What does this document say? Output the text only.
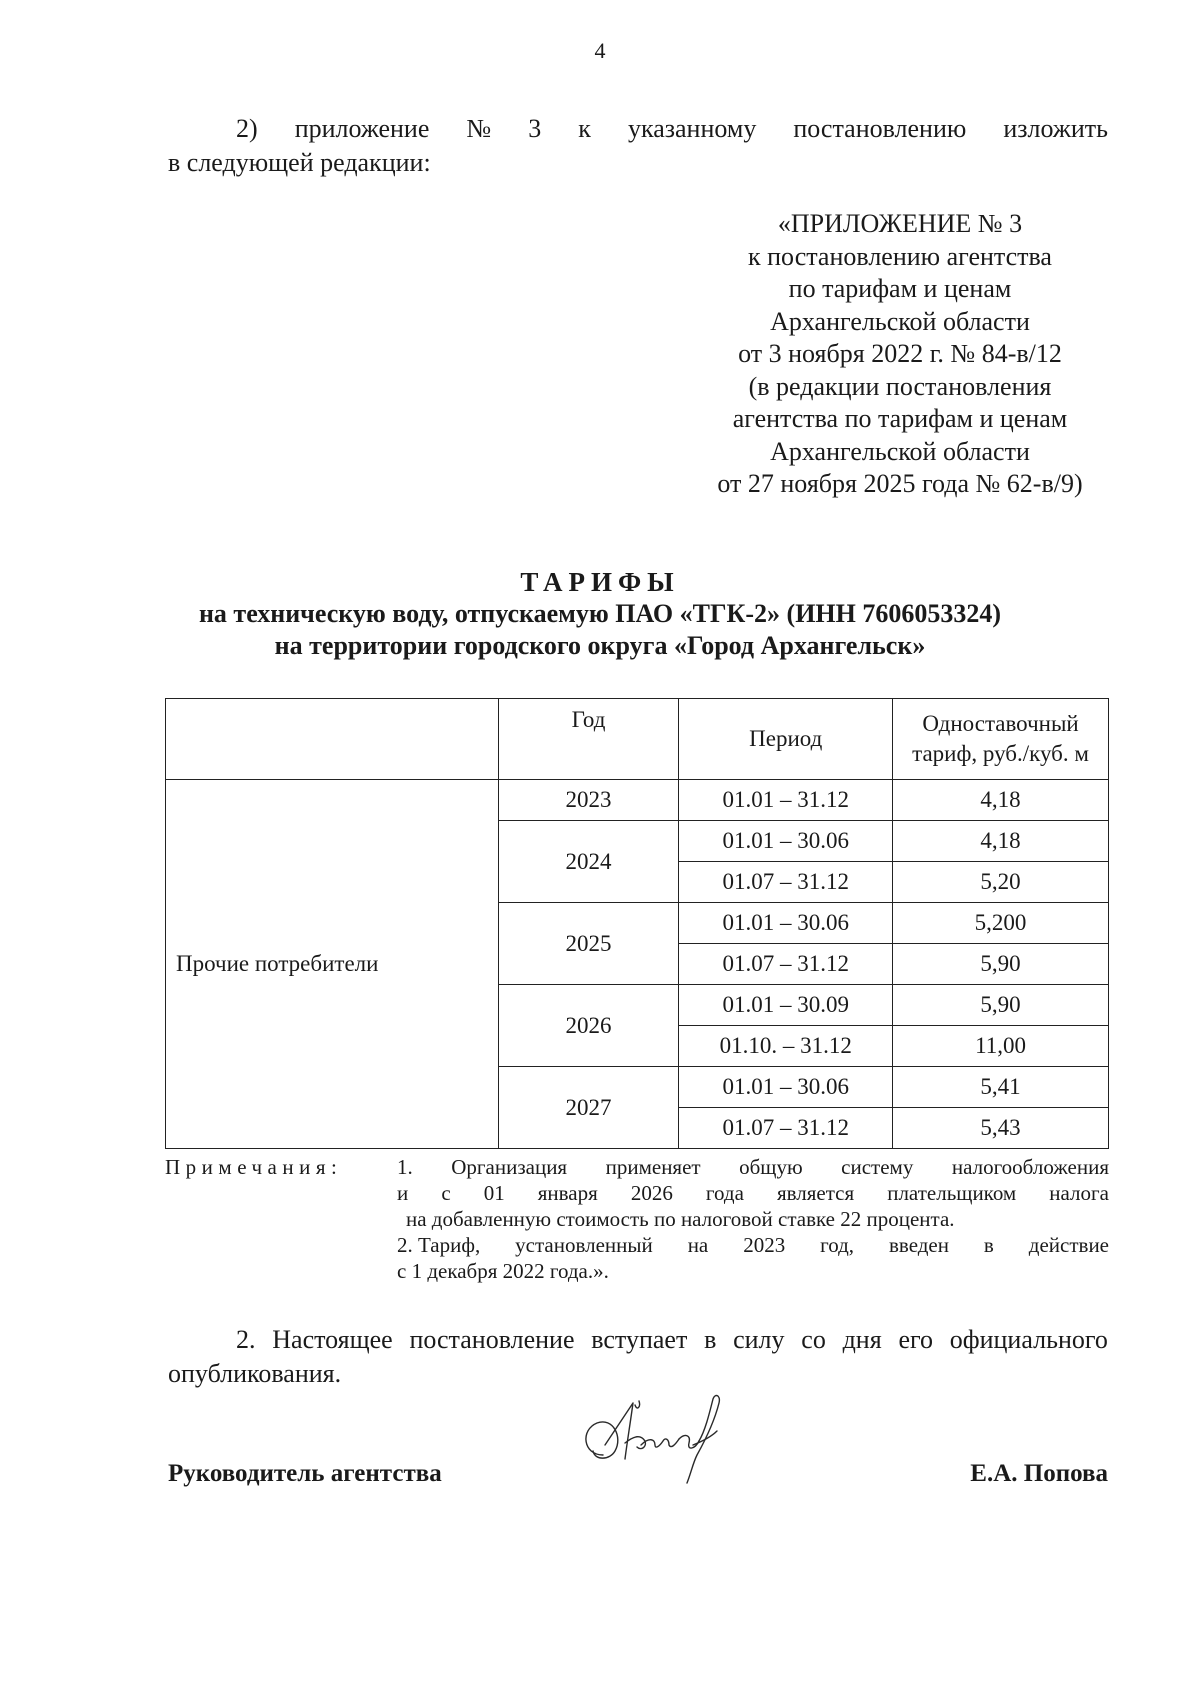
4
2) приложение № 3 к указанному постановлению изложить
в следующей редакции:
«ПРИЛОЖЕНИЕ № 3
к постановлению агентства
по тарифам и ценам
Архангельской области
от 3 ноября 2022 г. № 84-в/12
(в редакции постановления
агентства по тарифам и ценам
Архангельской области
от 27 ноября 2025 года № 62-в/9)
ТАРИФЫ
на техническую воду, отпускаемую ПАО «ТГК-2» (ИНН 7606053324)
на территории городского округа «Город Архангельск»
	Год	Период	Одноставочный
тариф, руб./куб. м

Прочие потребители	2023	01.01 – 31.12	4,18
	2024	01.01 – 30.06	4,18
		01.07 – 31.12	5,20
	2025	01.01 – 30.06	5,200
		01.07 – 31.12	5,90
	2026	01.01 – 30.09	5,90
		01.10. – 31.12	11,00
	2027	01.01 – 30.06	5,41
		01.07 – 31.12	5,43
Примечания:	1. Организация применяет общую систему налогообложения
и с 01 января 2026 года является плательщиком налога
на добавленную стоимость по налоговой ставке 22 процента.
2. Тариф, установленный на 2023 год, введен в действие
с 1 декабря 2022 года.».
2. Настоящее постановление вступает в силу со дня его официального
опубликования.
Руководитель агентства	Е.А. Попова
